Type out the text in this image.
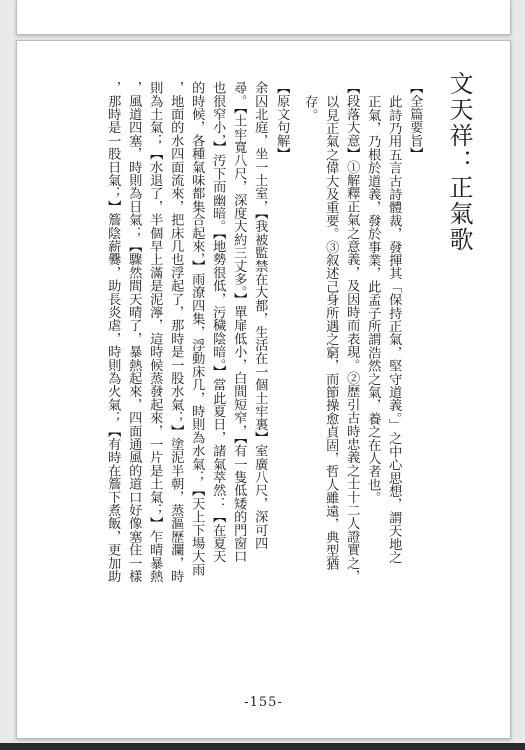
文天祥：正氣歌
【全篇要旨】
此詩乃用五言古詩體裁，發揮其「保持正氣，堅守道義。」之中心思想，謂天地之
正氣，乃根於道義，發於事業，此孟子所謂浩然之氣，養之在人者也。
【段落大意】①解釋正氣之意義，及因時而表現。②歷引古時忠義之士十二人證實之，
以見正氣之偉大及重要。③叙述己身所遇之窮，而節操愈貞固，哲人雖遠，典型猶
存。
【原文句解】
余囚北庭，坐一土室，【我被監禁在大都，生活在一個土牢裏】室廣八尺，深可四
尋。【土牢寬八尺，深度大約三丈多。】單扉低小，白間短窄，【有一隻低矮的門窗口
也很窄小，】汚下而幽暗。【地勢很低，污穢陰暗。】當此夏日，諸氣萃然：【在夏天
的時候，各種氣味都集合起來，】雨潦四集，浮動床几，時則為水氣；【天上下場大雨
，地面的水四面流來，把床几也浮起了，那時是一股水氣；】塗泥半朝，蒸漚歷瀾，時
則為土氣；【水退了，半個早上滿是泥濘，這時候蒸發起來，一片是土氣；】乍晴暴熱
，風道四塞，時則為日氣；【驟然間天晴了，暴熱起來，四面通風的道口好像塞住一樣
，那時是一股日氣；】簷陰薪爨，助長炎虐，時則為火氣；【有時在簷下煮飯，更加助
-155-
